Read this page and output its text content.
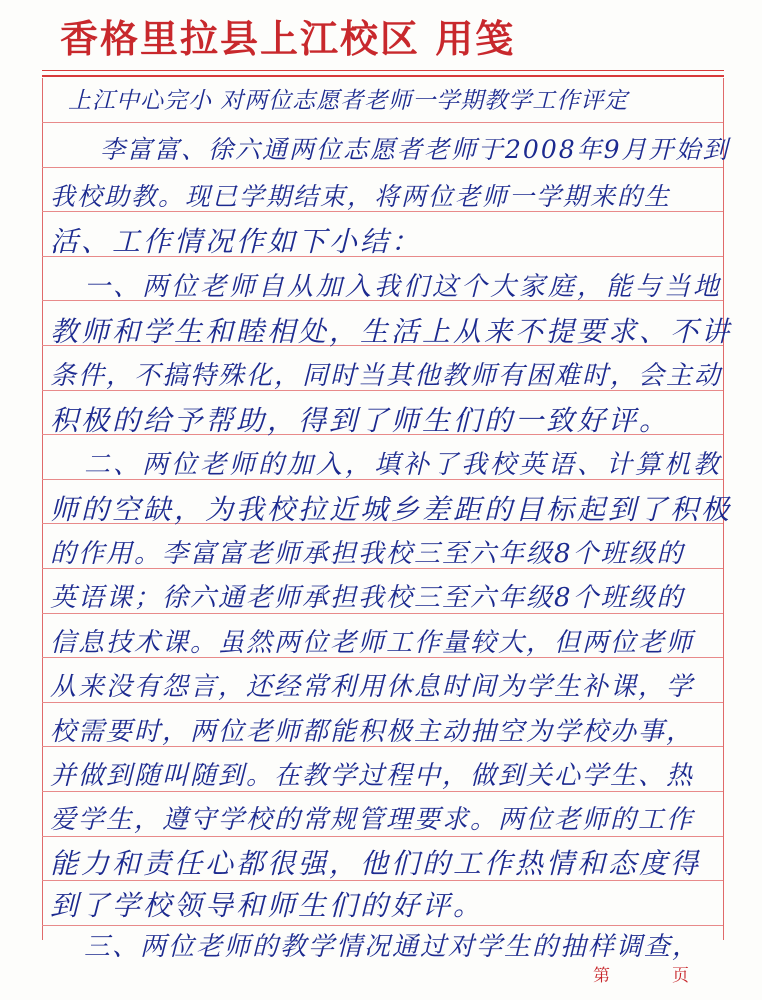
香格里拉县上江校区 用笺
上江中心完小 对两位志愿者老师一学期教学工作评定
李富富、徐六通两位志愿者老师于2008年9月开始到
我校助教。现已学期结束，将两位老师一学期来的生
活、工作情况作如下小结：
一、两位老师自从加入我们这个大家庭，能与当地
教师和学生和睦相处，生活上从来不提要求、不讲
条件，不搞特殊化，同时当其他教师有困难时，会主动
积极的给予帮助，得到了师生们的一致好评。
二、两位老师的加入，填补了我校英语、计算机教
师的空缺，为我校拉近城乡差距的目标起到了积极
的作用。李富富老师承担我校三至六年级8个班级的
英语课；徐六通老师承担我校三至六年级8个班级的
信息技术课。虽然两位老师工作量较大，但两位老师
从来没有怨言，还经常利用休息时间为学生补课，学
校需要时，两位老师都能积极主动抽空为学校办事，
并做到随叫随到。在教学过程中，做到关心学生、热
爱学生，遵守学校的常规管理要求。两位老师的工作
能力和责任心都很强，他们的工作热情和态度得
到了学校领导和师生们的好评。
三、两位老师的教学情况通过对学生的抽样调查，
第	页
